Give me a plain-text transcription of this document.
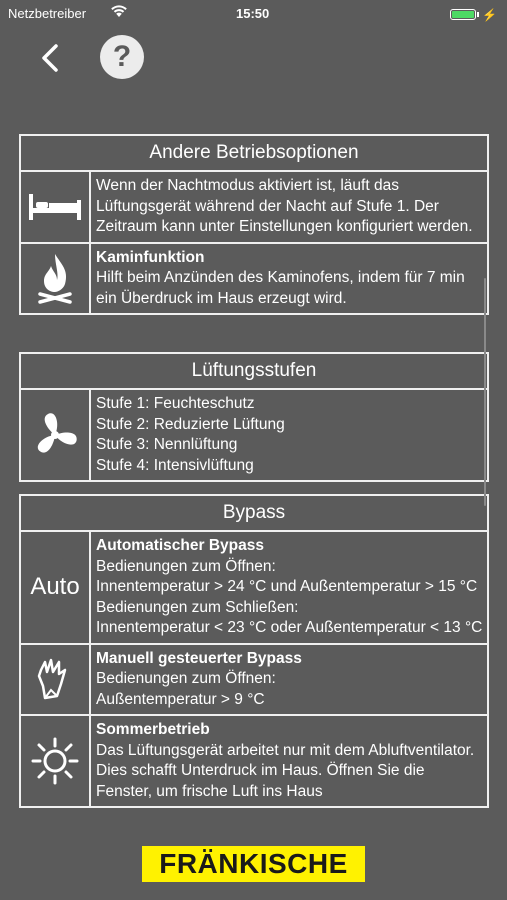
Netzbetreiber	15:50	⚡
?
Andere Betriebsoptionen
Wenn der Nachtmodus aktiviert ist, läuft das Lüftungsgerät während der Nacht auf Stufe 1. Der Zeitraum kann unter Einstellungen konfiguriert werden.
Kaminfunktion
Hilft beim Anzünden des Kaminofens, indem für 7 min ein Überdruck im Haus erzeugt wird.
Lüftungsstufen
Stufe 1: Feuchteschutz
Stufe 2: Reduzierte Lüftung
Stufe 3: Nennlüftung
Stufe 4: Intensivlüftung
Bypass
Auto
Automatischer Bypass
Bedienungen zum Öffnen:
Innentemperatur > 24 °C und Außentemperatur > 15 °C
Bedienungen zum Schließen:
Innentemperatur < 23 °C oder Außentemperatur < 13 °C
Manuell gesteuerter Bypass
Bedienungen zum Öffnen:
Außentemperatur > 9 °C
Sommerbetrieb
Das Lüftungsgerät arbeitet nur mit dem Abluftventilator. Dies schafft Unterdruck im Haus. Öffnen Sie die Fenster, um frische Luft ins Haus
FRÄNKISCHE
